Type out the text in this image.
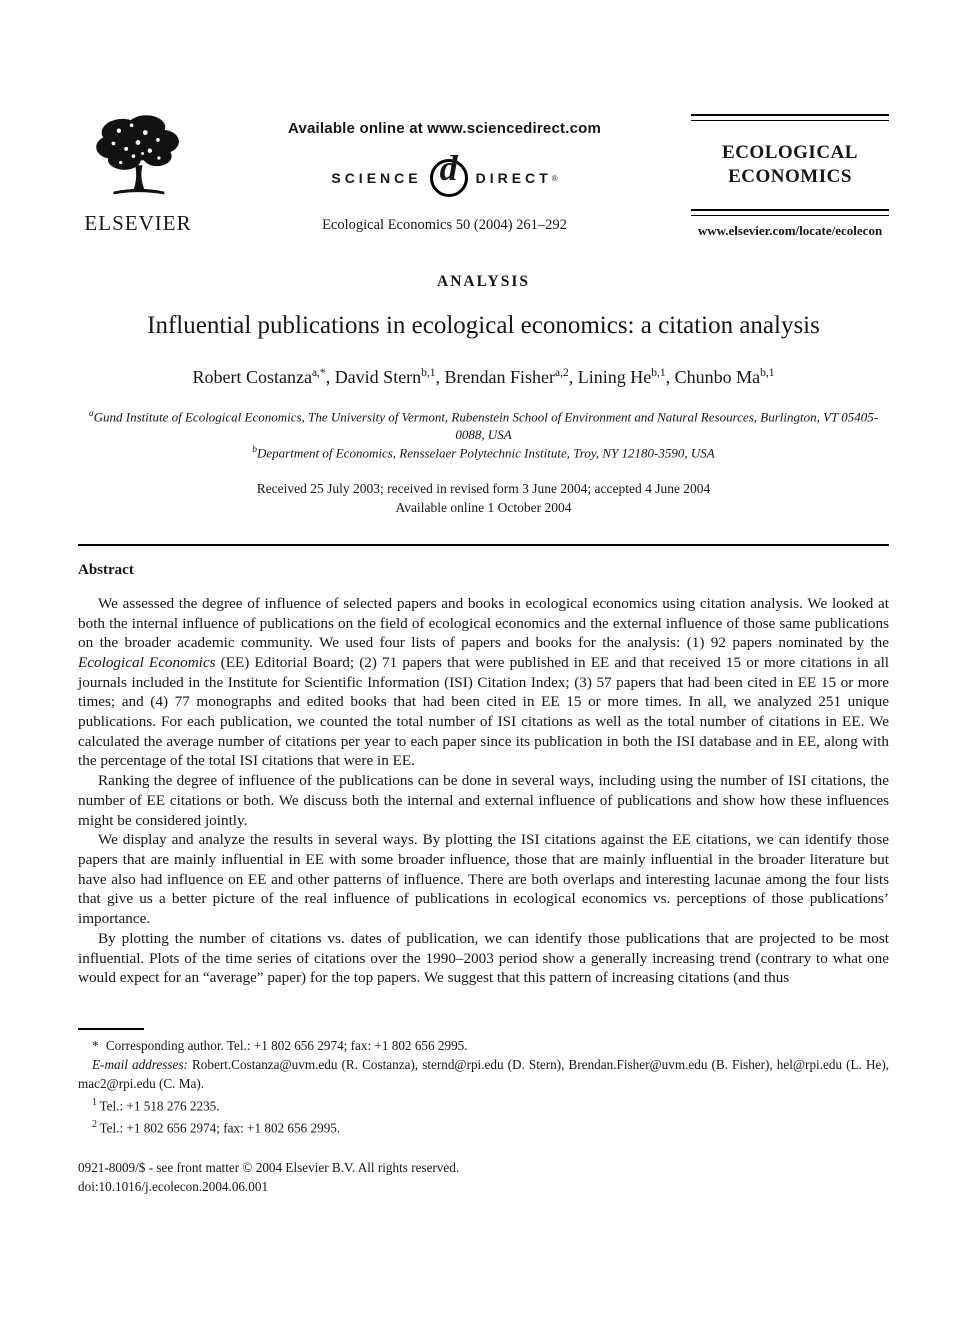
ELSEVIER
Available online at www.sciencedirect.com
SCIENCE d DIRECT ®
Ecological Economics 50 (2004) 261–292
ECOLOGICAL
ECONOMICS
www.elsevier.com/locate/ecolecon
ANALYSIS
Influential publications in ecological economics: a citation analysis
Robert Costanza$^{a,*}$, David Stern$^{b,1}$, Brendan Fisher$^{a,2}$, Lining He$^{b,1}$, Chunbo Ma$^{b,1}$
$^a$Gund Institute of Ecological Economics, The University of Vermont, Rubenstein School of Environment and Natural Resources, Burlington, VT 05405-0088, USA
$^b$Department of Economics, Rensselaer Polytechnic Institute, Troy, NY 12180-3590, USA
Received 25 July 2003; received in revised form 3 June 2004; accepted 4 June 2004
Available online 1 October 2004
Abstract

We assessed the degree of influence of selected papers and books in ecological economics using citation analysis. We looked at both the internal influence of publications on the field of ecological economics and the external influence of those same publications on the broader academic community. We used four lists of papers and books for the analysis: (1) 92 papers nominated by the Ecological Economics (EE) Editorial Board; (2) 71 papers that were published in EE and that received 15 or more citations in all journals included in the Institute for Scientific Information (ISI) Citation Index; (3) 57 papers that had been cited in EE 15 or more times; and (4) 77 monographs and edited books that had been cited in EE 15 or more times. In all, we analyzed 251 unique publications. For each publication, we counted the total number of ISI citations as well as the total number of citations in EE. We calculated the average number of citations per year to each paper since its publication in both the ISI database and in EE, along with the percentage of the total ISI citations that were in EE.

Ranking the degree of influence of the publications can be done in several ways, including using the number of ISI citations, the number of EE citations or both. We discuss both the internal and external influence of publications and show how these influences might be considered jointly.

We display and analyze the results in several ways. By plotting the ISI citations against the EE citations, we can identify those papers that are mainly influential in EE with some broader influence, those that are mainly influential in the broader literature but have also had influence on EE and other patterns of influence. There are both overlaps and interesting lacunae among the four lists that give us a better picture of the real influence of publications in ecological economics vs. perceptions of those publications’ importance.

By plotting the number of citations vs. dates of publication, we can identify those publications that are projected to be most influential. Plots of the time series of citations over the 1990–2003 period show a generally increasing trend (contrary to what one would expect for an “average” paper) for the top papers. We suggest that this pattern of increasing citations (and thus

* Corresponding author. Tel.: +1 802 656 2974; fax: +1 802 656 2995.

E-mail addresses: Robert.Costanza@uvm.edu (R. Costanza), sternd@rpi.edu (D. Stern), Brendan.Fisher@uvm.edu (B. Fisher), hel@rpi.edu (L. He), mac2@rpi.edu (C. Ma).

$^1$ Tel.: +1 518 276 2235.

$^2$ Tel.: +1 802 656 2974; fax: +1 802 656 2995.

0921-8009/$ - see front matter © 2004 Elsevier B.V. All rights reserved.
doi:10.1016/j.ecolecon.2004.06.001
